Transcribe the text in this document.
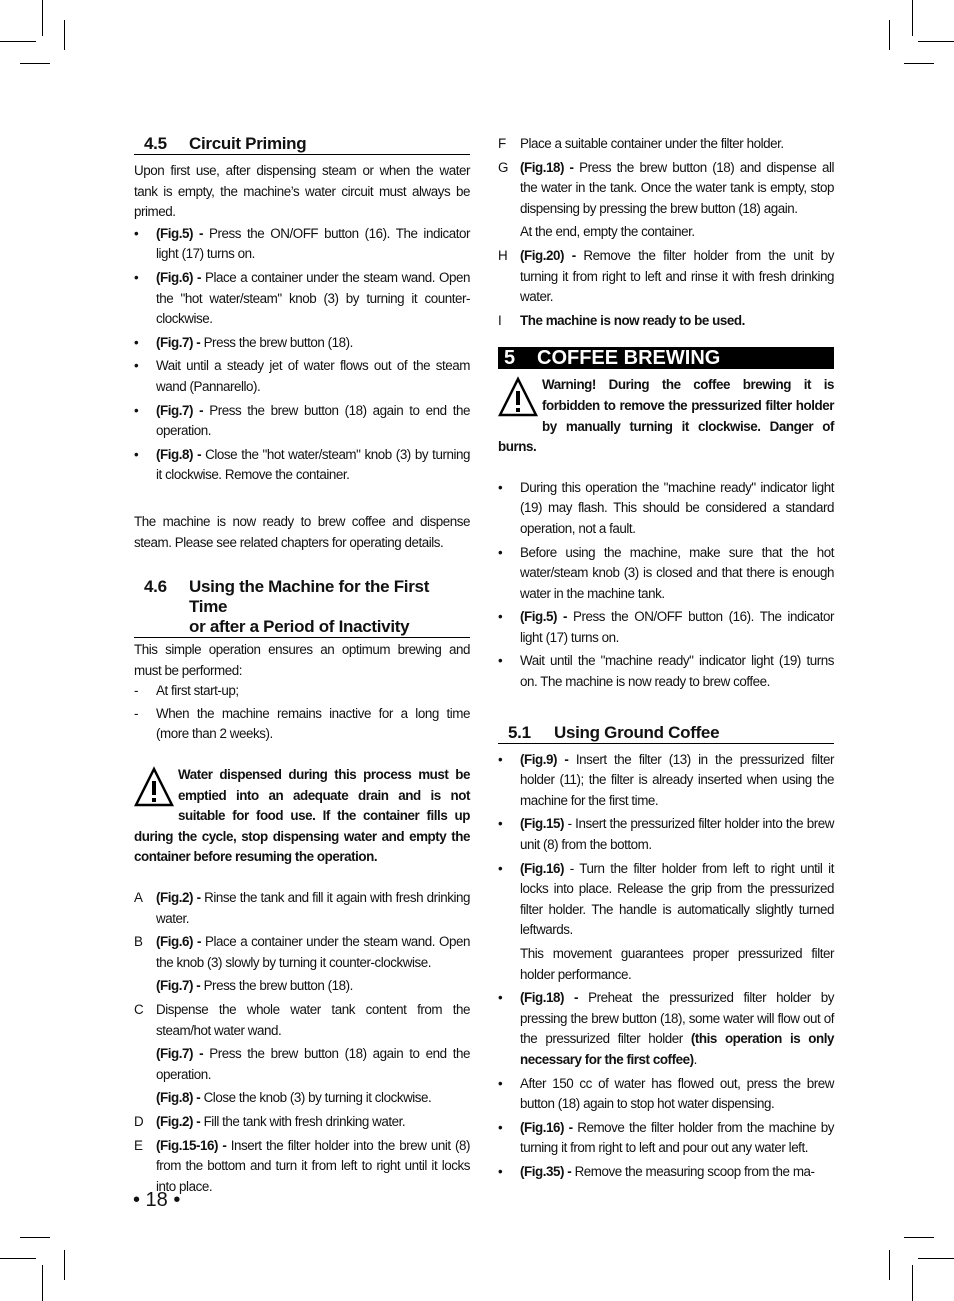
4.5	Circuit Priming

Upon first use, after dispensing steam or when the water tank is empty, the machine’s water circuit must always be primed.

• (Fig.5) - Press the ON/OFF button (16). The indicator light (17) turns on.
• (Fig.6) - Place a container under the steam wand. Open the "hot water/steam" knob (3) by turning it counter-clockwise.
• (Fig.7) - Press the brew button (18).
• Wait until a steady jet of water flows out of the steam wand (Pannarello).
• (Fig.7) - Press the brew button (18) again to end the operation.
• (Fig.8) - Close the "hot water/steam" knob (3) by turning it clockwise. Remove the container.

The machine is now ready to brew coffee and dispense steam. Please see related chapters for operating details.

4.6	Using the Machine for the First Time
or after a Period of Inactivity

This simple operation ensures an optimum brewing and must be performed:

- At first start-up;
- When the machine remains inactive for a long time (more than 2 weeks).
Water dispensed during this process must be emptied into an adequate drain and is not suitable for food use. If the container fills up during the cycle, stop dispensing water and empty the container before resuming the operation.
A (Fig.2) - Rinse the tank and fill it again with fresh drinking water.
B (Fig.6) - Place a container under the steam wand. Open the knob (3) slowly by turning it counter-clockwise.
(Fig.7) - Press the brew button (18).
C Dispense the whole water tank content from the steam/hot water wand.
(Fig.7) - Press the brew button (18) again to end the operation.
(Fig.8) - Close the knob (3) by turning it clockwise.
D (Fig.2) - Fill the tank with fresh drinking water.
E (Fig.15-16) - Insert the filter holder into the brew unit (8) from the bottom and turn it from left to right until it locks into place.
• 18 •
F Place a suitable container under the filter holder.
G (Fig.18) - Press the brew button (18) and dispense all the water in the tank. Once the water tank is empty, stop dispensing by pressing the brew button (18) again.
At the end, empty the container.
H (Fig.20) - Remove the filter holder from the unit by turning it from right to left and rinse it with fresh drinking water.
I The machine is now ready to be used.
5	COFFEE BREWING
Warning! During the coffee brewing it is forbidden to remove the pressurized filter holder by manually turning it clockwise. Danger of burns.
• During this operation the "machine ready" indicator light (19) may flash. This should be considered a standard operation, not a fault.
• Before using the machine, make sure that the hot water/steam knob (3) is closed and that there is enough water in the machine tank.
• (Fig.5) - Press the ON/OFF button (16). The indicator light (17) turns on.
• Wait until the "machine ready" indicator light (19) turns on. The machine is now ready to brew coffee.
5.1	Using Ground Coffee
• (Fig.9) - Insert the filter (13) in the pressurized filter holder (11); the filter is already inserted when using the machine for the first time.
• (Fig.15) - Insert the pressurized filter holder into the brew unit (8) from the bottom.
• (Fig.16) - Turn the filter holder from left to right until it locks into place. Release the grip from the pressurized filter holder. The handle is automatically slightly turned leftwards.
This movement guarantees proper pressurized filter holder performance.
• (Fig.18) - Preheat the pressurized filter holder by pressing the brew button (18), some water will flow out of the pressurized filter holder (this operation is only necessary for the first coffee).
• After 150 cc of water has flowed out, press the brew button (18) again to stop hot water dispensing.
• (Fig.16) - Remove the filter holder from the machine by turning it from right to left and pour out any water left.
• (Fig.35) - Remove the measuring scoop from the ma-
